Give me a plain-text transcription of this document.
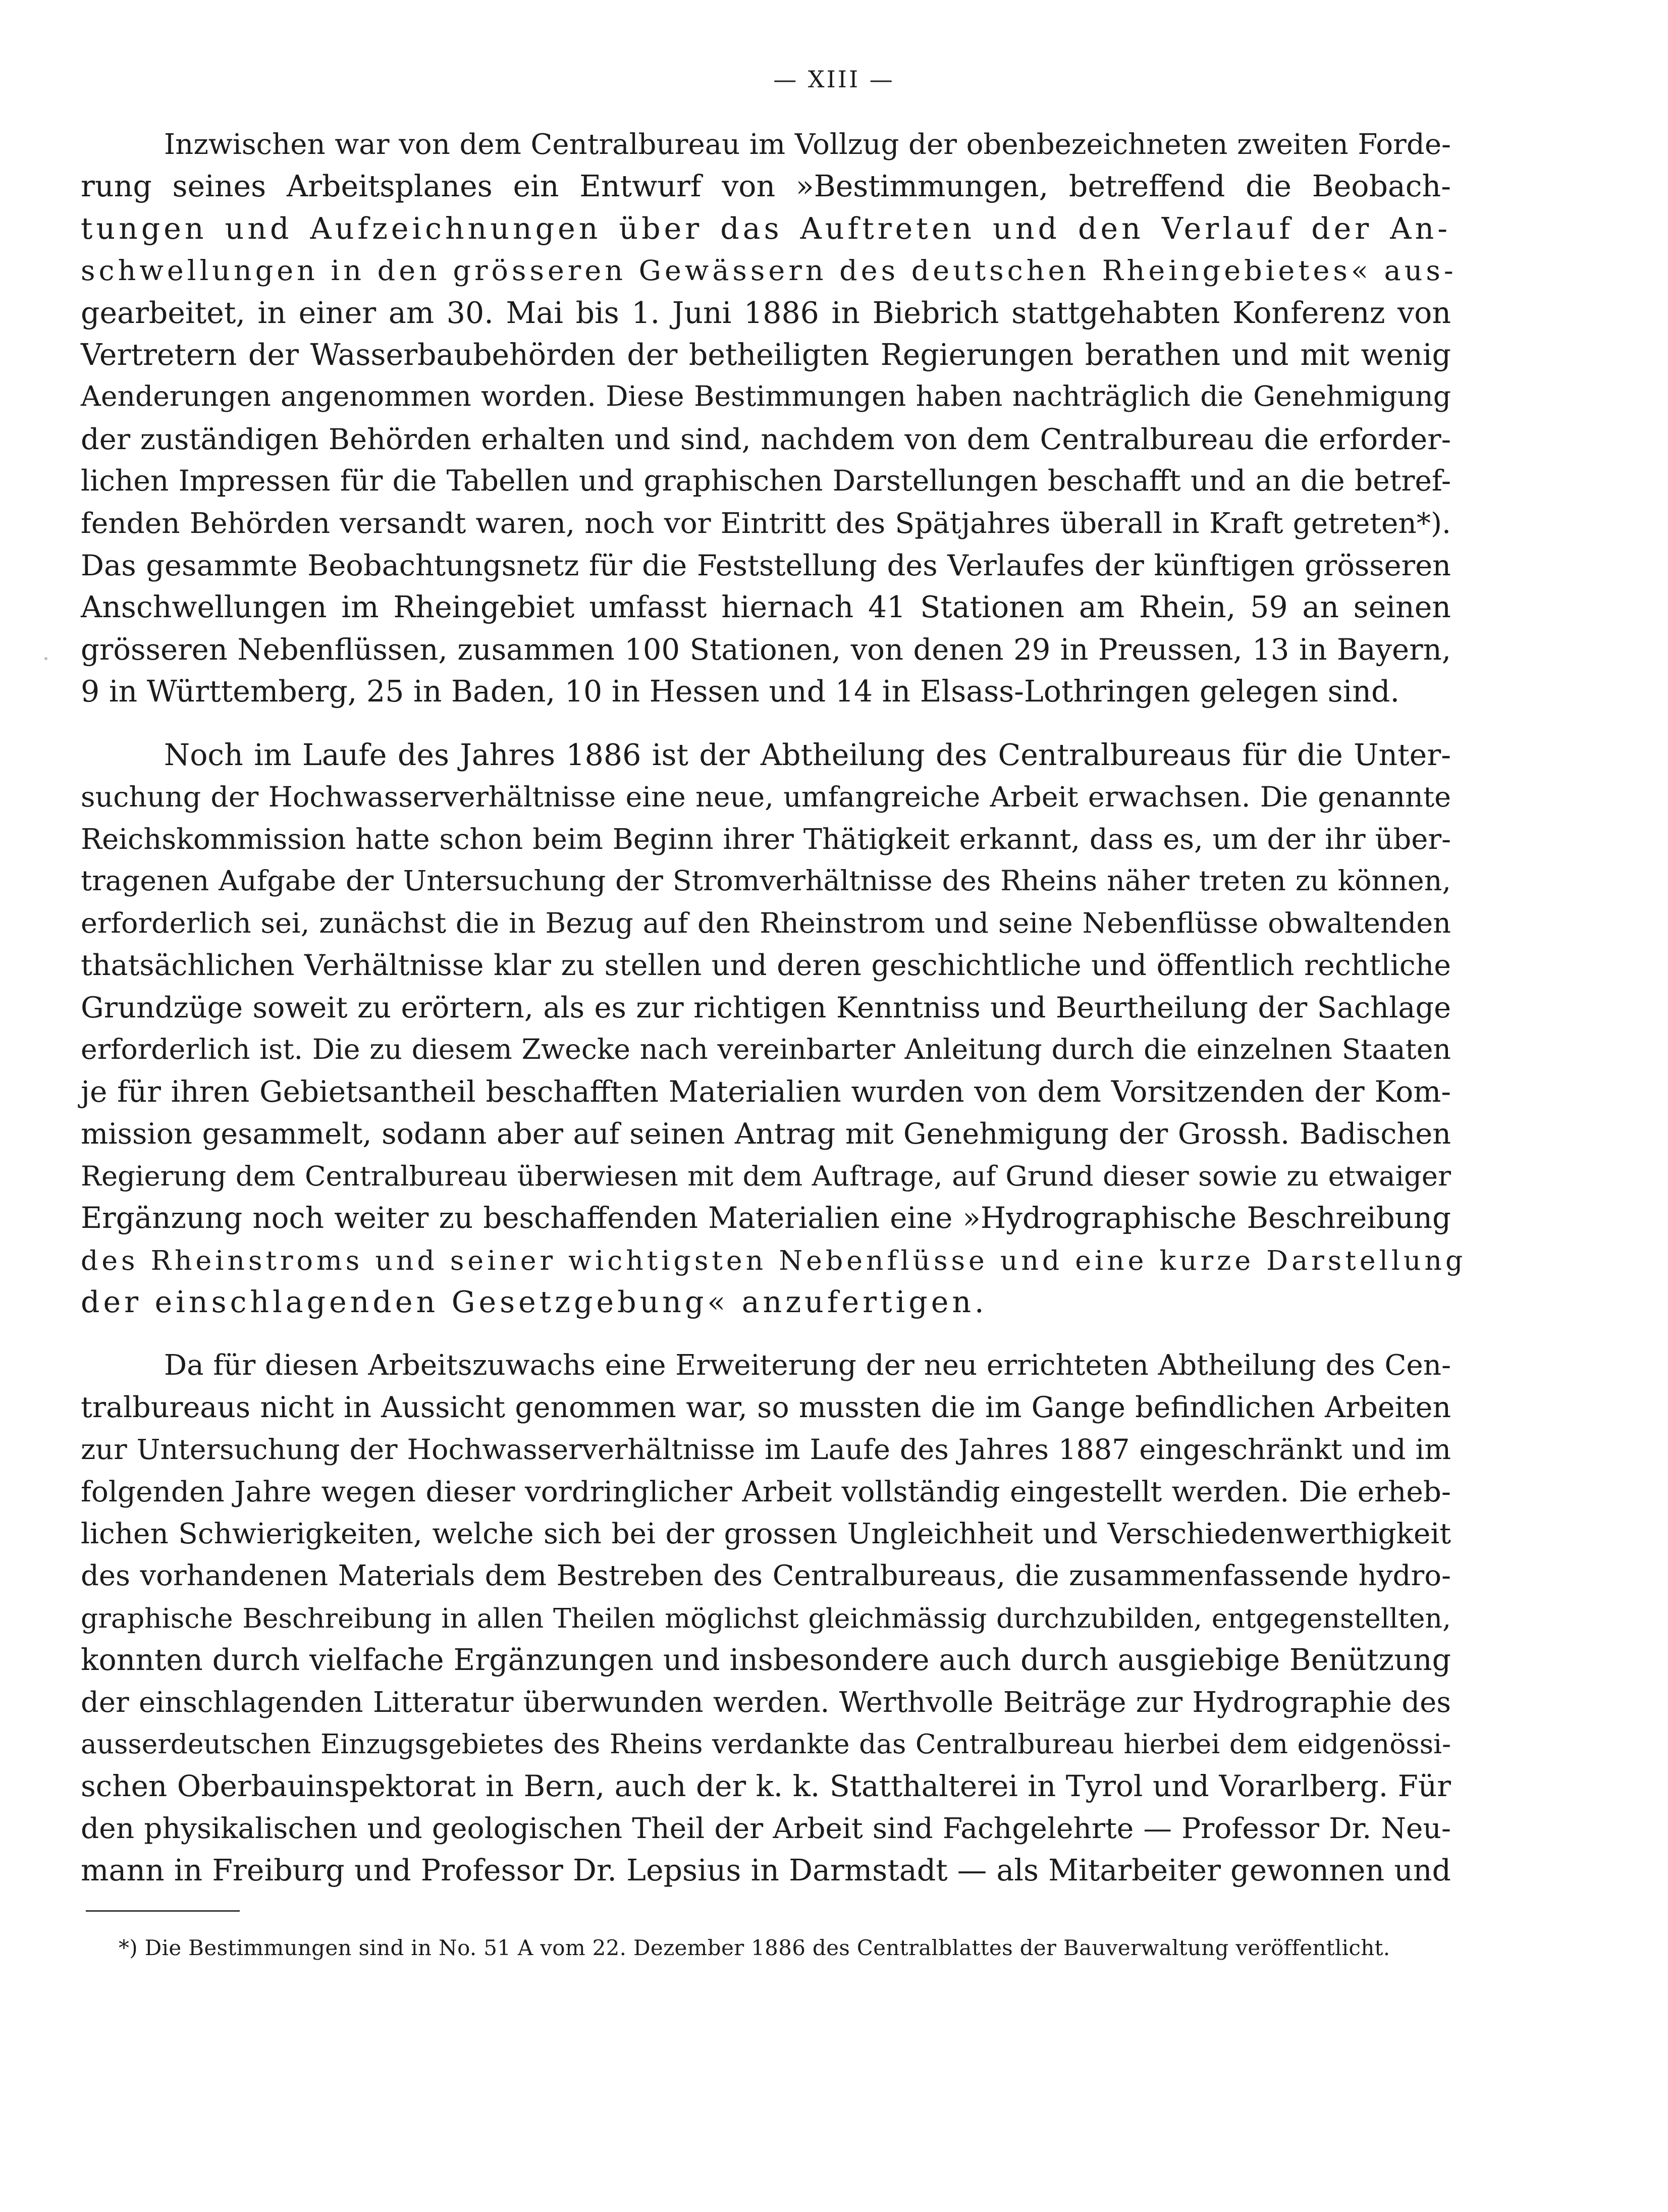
— XIII —

Inzwischen war von dem Centralbureau im Vollzug der obenbezeichneten zweiten Forde-
rung seines Arbeitsplanes ein Entwurf von »Bestimmungen, betreffend die Beobach-
tungen und Aufzeichnungen über das Auftreten und den Verlauf der An-
schwellungen in den grösseren Gewässern des deutschen Rheingebietes« aus-
gearbeitet, in einer am 30. Mai bis 1. Juni 1886 in Biebrich stattgehabten Konferenz von
Vertretern der Wasserbaubehörden der betheiligten Regierungen berathen und mit wenig
Aenderungen angenommen worden. Diese Bestimmungen haben nachträglich die Genehmigung
der zuständigen Behörden erhalten und sind, nachdem von dem Centralbureau die erforder-
lichen Impressen für die Tabellen und graphischen Darstellungen beschafft und an die betref-
fenden Behörden versandt waren, noch vor Eintritt des Spätjahres überall in Kraft getreten*).
Das gesammte Beobachtungsnetz für die Feststellung des Verlaufes der künftigen grösseren
Anschwellungen im Rheingebiet umfasst hiernach 41 Stationen am Rhein, 59 an seinen
grösseren Nebenflüssen, zusammen 100 Stationen, von denen 29 in Preussen, 13 in Bayern,
9 in Württemberg, 25 in Baden, 10 in Hessen und 14 in Elsass-Lothringen gelegen sind.

Noch im Laufe des Jahres 1886 ist der Abtheilung des Centralbureaus für die Unter-
suchung der Hochwasserverhältnisse eine neue, umfangreiche Arbeit erwachsen. Die genannte
Reichskommission hatte schon beim Beginn ihrer Thätigkeit erkannt, dass es, um der ihr über-
tragenen Aufgabe der Untersuchung der Stromverhältnisse des Rheins näher treten zu können,
erforderlich sei, zunächst die in Bezug auf den Rheinstrom und seine Nebenflüsse obwaltenden
thatsächlichen Verhältnisse klar zu stellen und deren geschichtliche und öffentlich rechtliche
Grundzüge soweit zu erörtern, als es zur richtigen Kenntniss und Beurtheilung der Sachlage
erforderlich ist. Die zu diesem Zwecke nach vereinbarter Anleitung durch die einzelnen Staaten
je für ihren Gebietsantheil beschafften Materialien wurden von dem Vorsitzenden der Kom-
mission gesammelt, sodann aber auf seinen Antrag mit Genehmigung der Grossh. Badischen
Regierung dem Centralbureau überwiesen mit dem Auftrage, auf Grund dieser sowie zu etwaiger
Ergänzung noch weiter zu beschaffenden Materialien eine »Hydrographische Beschreibung
des Rheinstroms und seiner wichtigsten Nebenflüsse und eine kurze Darstellung
der einschlagenden Gesetzgebung« anzufertigen.

Da für diesen Arbeitszuwachs eine Erweiterung der neu errichteten Abtheilung des Cen-
tralbureaus nicht in Aussicht genommen war, so mussten die im Gange befindlichen Arbeiten
zur Untersuchung der Hochwasserverhältnisse im Laufe des Jahres 1887 eingeschränkt und im
folgenden Jahre wegen dieser vordringlicher Arbeit vollständig eingestellt werden. Die erheb-
lichen Schwierigkeiten, welche sich bei der grossen Ungleichheit und Verschiedenwerthigkeit
des vorhandenen Materials dem Bestreben des Centralbureaus, die zusammenfassende hydro-
graphische Beschreibung in allen Theilen möglichst gleichmässig durchzubilden, entgegenstellten,
konnten durch vielfache Ergänzungen und insbesondere auch durch ausgiebige Benützung
der einschlagenden Litteratur überwunden werden. Werthvolle Beiträge zur Hydrographie des
ausserdeutschen Einzugsgebietes des Rheins verdankte das Centralbureau hierbei dem eidgenössi-
schen Oberbauinspektorat in Bern, auch der k. k. Statthalterei in Tyrol und Vorarlberg. Für
den physikalischen und geologischen Theil der Arbeit sind Fachgelehrte — Professor Dr. Neu-
mann in Freiburg und Professor Dr. Lepsius in Darmstadt — als Mitarbeiter gewonnen und

*) Die Bestimmungen sind in No. 51 A vom 22. Dezember 1886 des Centralblattes der Bauverwaltung veröffentlicht.
